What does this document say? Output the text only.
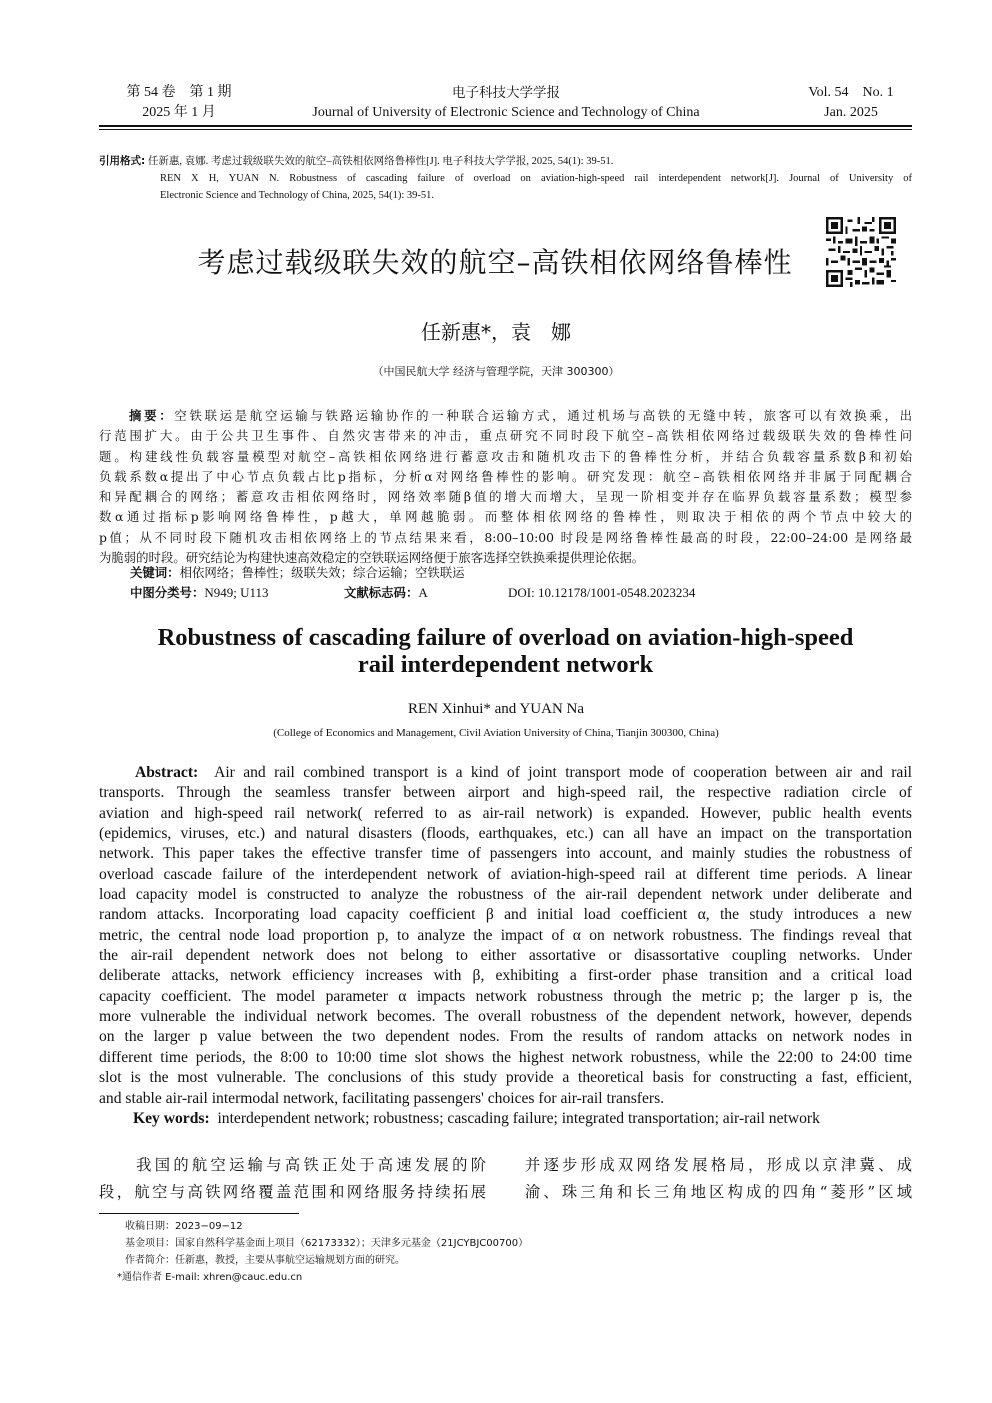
第 54 卷　第 1 期
2025 年 1 月
电子科技大学学报
Journal of University of Electronic Science and Technology of China
Vol. 54　No. 1
Jan. 2025
引用格式: 任新惠, 袁娜. 考虑过载级联失效的航空–高铁相依网络鲁棒性[J]. 电子科技大学学报, 2025, 54(1): 39-51.
REN X H, YUAN N. Robustness of cascading failure of overload on aviation-high-speed rail interdependent network[J]. Journal of University of
Electronic Science and Technology of China, 2025, 54(1): 39-51.
考虑过载级联失效的航空–高铁相依网络鲁棒性
任新惠*，袁　娜
（中国民航大学 经济与管理学院，天津 300300）
摘要：空铁联运是航空运输与铁路运输协作的一种联合运输方式，通过机场与高铁的无缝中转，旅客可以有效换乘，出
行范围扩大。由于公共卫生事件、自然灾害带来的冲击，重点研究不同时段下航空–高铁相依网络过载级联失效的鲁棒性问
题。构建线性负载容量模型对航空–高铁相依网络进行蓄意攻击和随机攻击下的鲁棒性分析，并结合负载容量系数β和初始
负载系数α提出了中心节点负载占比p指标，分析α对网络鲁棒性的影响。研究发现：航空–高铁相依网络并非属于同配耦合
和异配耦合的网络；蓄意攻击相依网络时，网络效率随β值的增大而增大，呈现一阶相变并存在临界负载容量系数；模型参
数α通过指标p影响网络鲁棒性，p越大，单网越脆弱。而整体相依网络的鲁棒性，则取决于相依的两个节点中较大的
p值；从不同时段下随机攻击相依网络上的节点结果来看，8:00–10:00 时段是网络鲁棒性最高的时段，22:00–24:00 是网络最
为脆弱的时段。研究结论为构建快速高效稳定的空铁联运网络便于旅客选择空铁换乘提供理论依据。
关键词：相依网络；鲁棒性；级联失效；综合运输；空铁联运
中图分类号：N949; U113	文献标志码：A	DOI: 10.12178/1001-0548.2023234
Robustness of cascading failure of overload on aviation-high-speed
rail interdependent network
REN Xinhui* and YUAN Na
(College of Economics and Management, Civil Aviation University of China, Tianjin 300300, China)
Abstract: Air and rail combined transport is a kind of joint transport mode of cooperation between air and rail
transports. Through the seamless transfer between airport and high-speed rail, the respective radiation circle of
aviation and high-speed rail network( referred to as air-rail network) is expanded. However, public health events
(epidemics, viruses, etc.) and natural disasters (floods, earthquakes, etc.) can all have an impact on the transportation
network. This paper takes the effective transfer time of passengers into account, and mainly studies the robustness of
overload cascade failure of the interdependent network of aviation-high-speed rail at different time periods. A linear
load capacity model is constructed to analyze the robustness of the air-rail dependent network under deliberate and
random attacks. Incorporating load capacity coefficient β and initial load coefficient α, the study introduces a new
metric, the central node load proportion p, to analyze the impact of α on network robustness. The findings reveal that
the air-rail dependent network does not belong to either assortative or disassortative coupling networks. Under
deliberate attacks, network efficiency increases with β, exhibiting a first-order phase transition and a critical load
capacity coefficient. The model parameter α impacts network robustness through the metric p; the larger p is, the
more vulnerable the individual network becomes. The overall robustness of the dependent network, however, depends
on the larger p value between the two dependent nodes. From the results of random attacks on network nodes in
different time periods, the 8:00 to 10:00 time slot shows the highest network robustness, while the 22:00 to 24:00 time
slot is the most vulnerable. The conclusions of this study provide a theoretical basis for constructing a fast, efficient,
and stable air-rail intermodal network, facilitating passengers' choices for air-rail transfers.
Key words: interdependent network; robustness; cascading failure; integrated transportation; air-rail network
　　我国的航空运输与高铁正处于高速发展的阶
段，航空与高铁网络覆盖范围和网络服务持续拓展
并逐步形成双网络发展格局，形成以京津冀、成
渝、珠三角和长三角地区构成的四角“菱形”区域
收稿日期：2023−09−12
基金项目：国家自然科学基金面上项目（62173332）；天津多元基金（21JCYBJC00700）
作者简介：任新惠，教授，主要从事航空运输规划方面的研究。
*通信作者 E-mail: xhren@cauc.edu.cn
